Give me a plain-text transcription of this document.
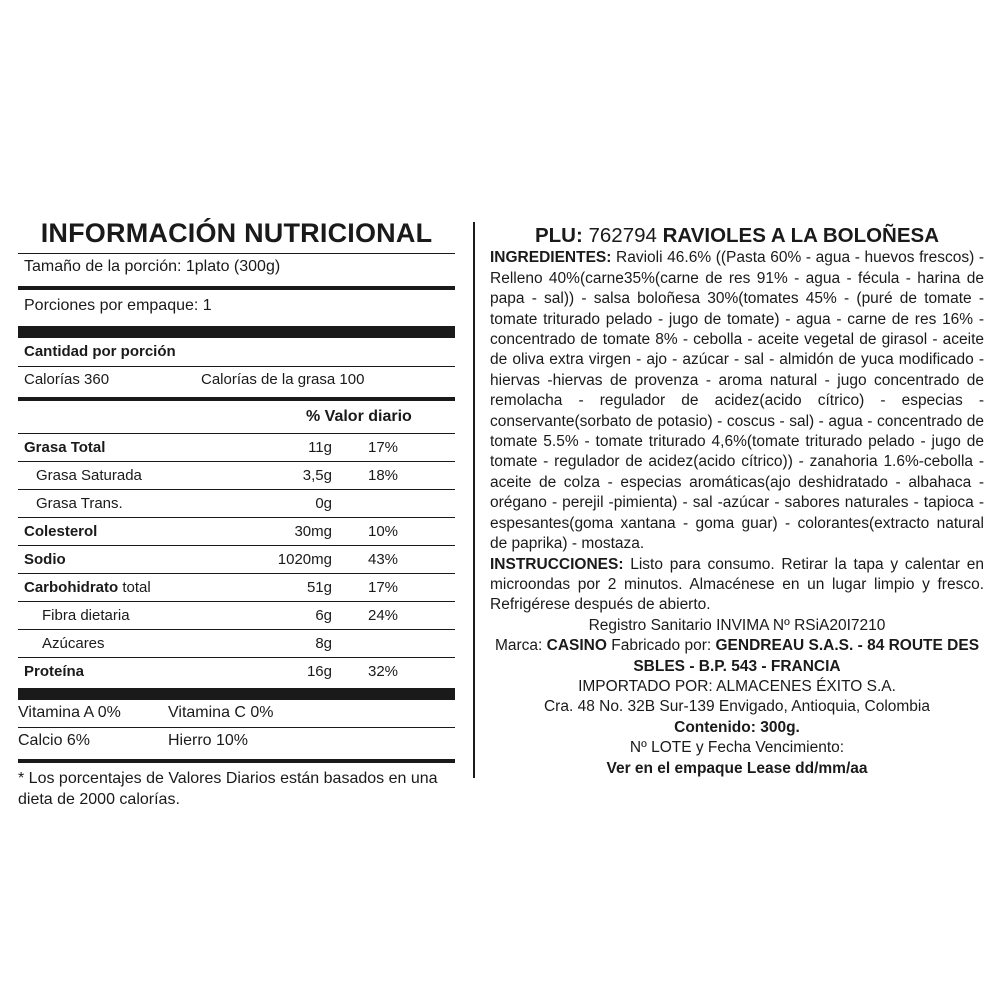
INFORMACIÓN NUTRICIONAL
Tamaño de la porción: 1plato (300g)
Porciones por empaque: 1
Cantidad por porción
Calorías 360	Calorías de la grasa 100
% Valor diario
Grasa Total	11g 17%
Grasa Saturada	3,5g 18%
Grasa Trans.	0g
Colesterol	30mg 10%
Sodio	1020mg 43%
Carbohidrato total	51g 17%
Fibra dietaria	6g 24%
Azúcares	8g
Proteína	16g 32%
Vitamina A 0%	Vitamina C 0%
Calcio 6%	Hierro 10%
* Los porcentajes de Valores Diarios están basados en una dieta de 2000 calorías.
PLU: 762794 RAVIOLES A LA BOLOÑESA

INGREDIENTES: Ravioli 46.6% ((Pasta 60% - agua - huevos frescos) - Relleno 40%(carne35%(carne de res 91% - agua - fécula - harina de papa - sal)) - salsa boloñesa 30%(tomates 45% - (puré de tomate - tomate triturado pelado - jugo de tomate) - agua - carne de res 16% - concentrado de tomate 8% - cebolla - aceite vegetal de girasol - aceite de oliva extra virgen - ajo - azúcar - sal - almidón de yuca modificado - hiervas -hiervas de provenza - aroma natural - jugo concentrado de remolacha - regulador de acidez(acido cítrico) - especias - conservante(sorbato de potasio) - coscus - sal) - agua - concentrado de tomate 5.5% - tomate triturado 4,6%(tomate triturado pelado - jugo de tomate - regulador de acidez(acido cítrico)) - zanahoria 1.6%-cebolla - aceite de colza - especias aromáticas(ajo deshidratado - albahaca - orégano - perejil -pimienta) - sal -azúcar - sabores naturales - tapioca - espesantes(goma xantana - goma guar) - colorantes(extracto natural de paprika) - mostaza.

INSTRUCCIONES: Listo para consumo. Retirar la tapa y calentar en microondas por 2 minutos. Almacénese en un lugar limpio y fresco. Refrigérese después de abierto.

Registro Sanitario INVIMA Nº RSiA20I7210

Marca: CASINO Fabricado por: GENDREAU S.A.S. - 84 ROUTE DES SBLES - B.P. 543 - FRANCIA

IMPORTADO POR: ALMACENES ÉXITO S.A.

Cra. 48 No. 32B Sur-139 Envigado, Antioquia, Colombia

Contenido: 300g.

Nº LOTE y Fecha Vencimiento:

Ver en el empaque Lease dd/mm/aa
